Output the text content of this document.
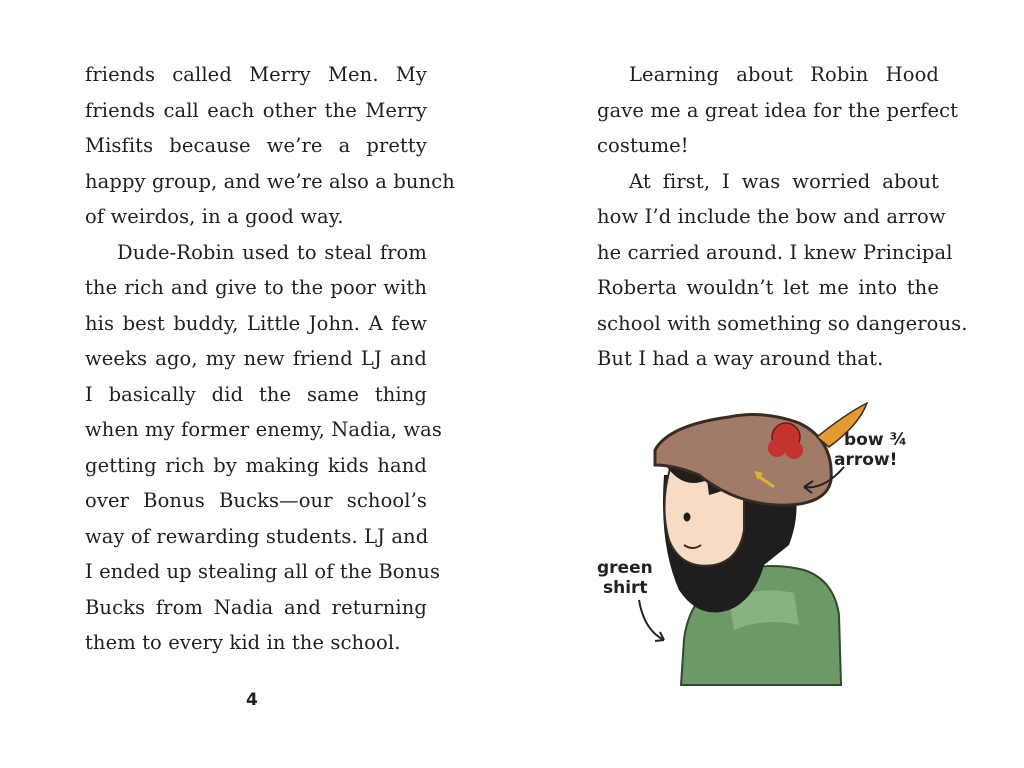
friends called Merry Men. My
friends call each other the Merry
Misfits because we’re a pretty
happy group, and we’re also a bunch
of weirdos, in a good way.
Dude-Robin used to steal from
the rich and give to the poor with
his best buddy, Little John. A few
weeks ago, my new friend LJ and
I basically did the same thing
when my former enemy, Nadia, was
getting rich by making kids hand
over Bonus Bucks—our school’s
way of rewarding students. LJ and
I ended up stealing all of the Bonus
Bucks from Nadia and returning
them to every kid in the school.
4
Learning about Robin Hood
gave me a great idea for the perfect
costume!
At first, I was worried about
how I’d include the bow and arrow
he carried around. I knew Principal
Roberta wouldn’t let me into the
school with something so dangerous.
But I had a way around that.
bow ¾
arrow!
green
shirt
